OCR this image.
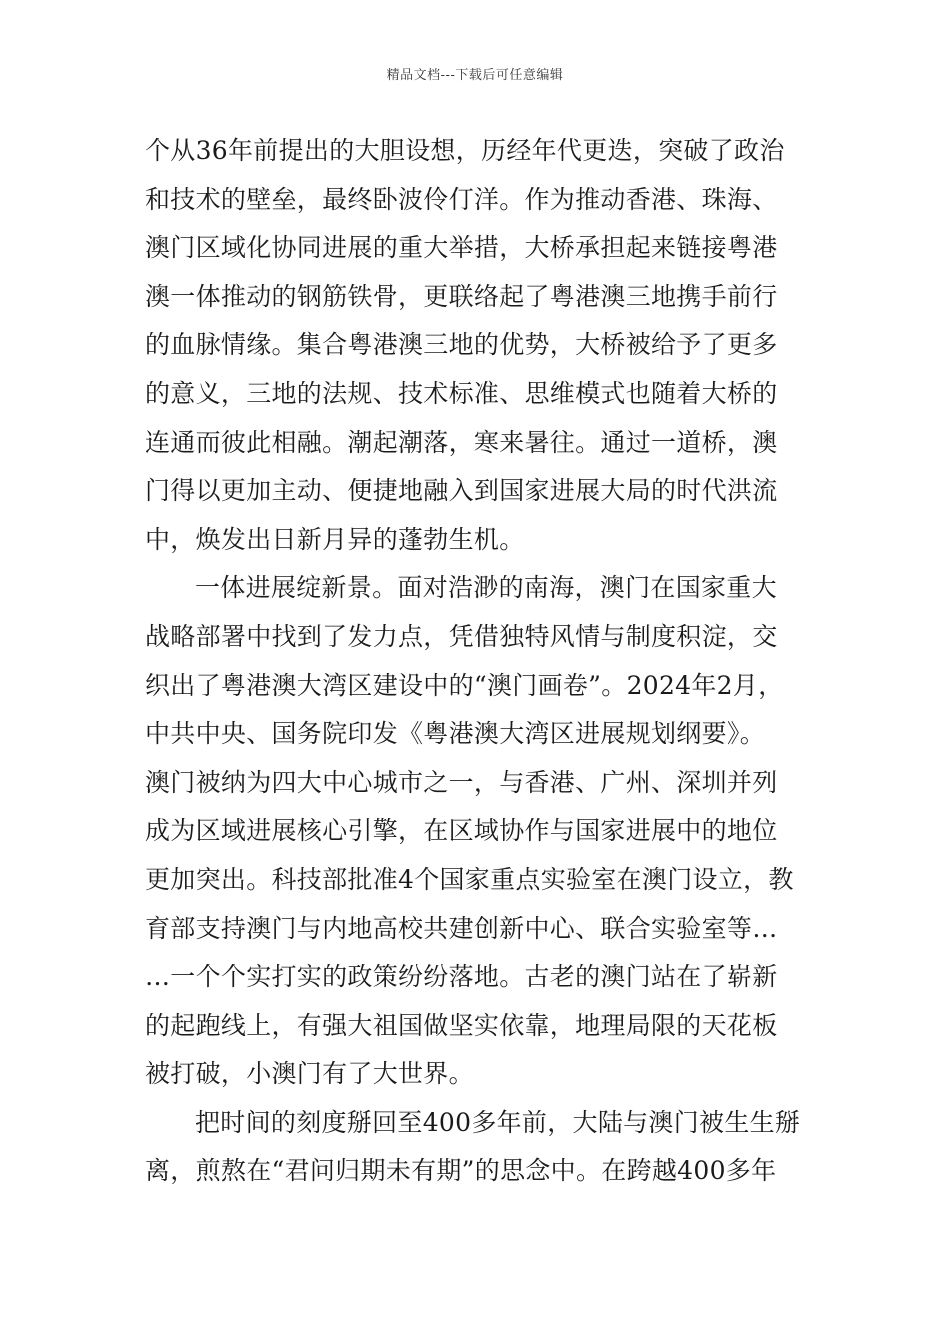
精品文档---下载后可任意编辑
个从36年前提出的大胆设想，历经年代更迭，突破了政治
和技术的壁垒，最终卧波伶仃洋。作为推动香港、珠海、
澳门区域化协同进展的重大举措，大桥承担起来链接粤港
澳一体推动的钢筋铁骨，更联络起了粤港澳三地携手前行
的血脉情缘。集合粤港澳三地的优势，大桥被给予了更多
的意义，三地的法规、技术标准、思维模式也随着大桥的
连通而彼此相融。潮起潮落，寒来暑往。通过一道桥，澳
门得以更加主动、便捷地融入到国家进展大局的时代洪流
中，焕发出日新月异的蓬勃生机。
一体进展绽新景。面对浩渺的南海，澳门在国家重大
战略部署中找到了发力点，凭借独特风情与制度积淀，交
织出了粤港澳大湾区建设中的“澳门画卷”。2024年2月，
中共中央、国务院印发《粤港澳大湾区进展规划纲要》。
澳门被纳为四大中心城市之一，与香港、广州、深圳并列
成为区域进展核心引擎，在区域协作与国家进展中的地位
更加突出。科技部批准4个国家重点实验室在澳门设立，教
育部支持澳门与内地高校共建创新中心、联合实验室等…
…一个个实打实的政策纷纷落地。古老的澳门站在了崭新
的起跑线上，有强大祖国做坚实依靠，地理局限的天花板
被打破，小澳门有了大世界。
把时间的刻度掰回至400多年前，大陆与澳门被生生掰
离，煎熬在“君问归期未有期”的思念中。在跨越400多年
